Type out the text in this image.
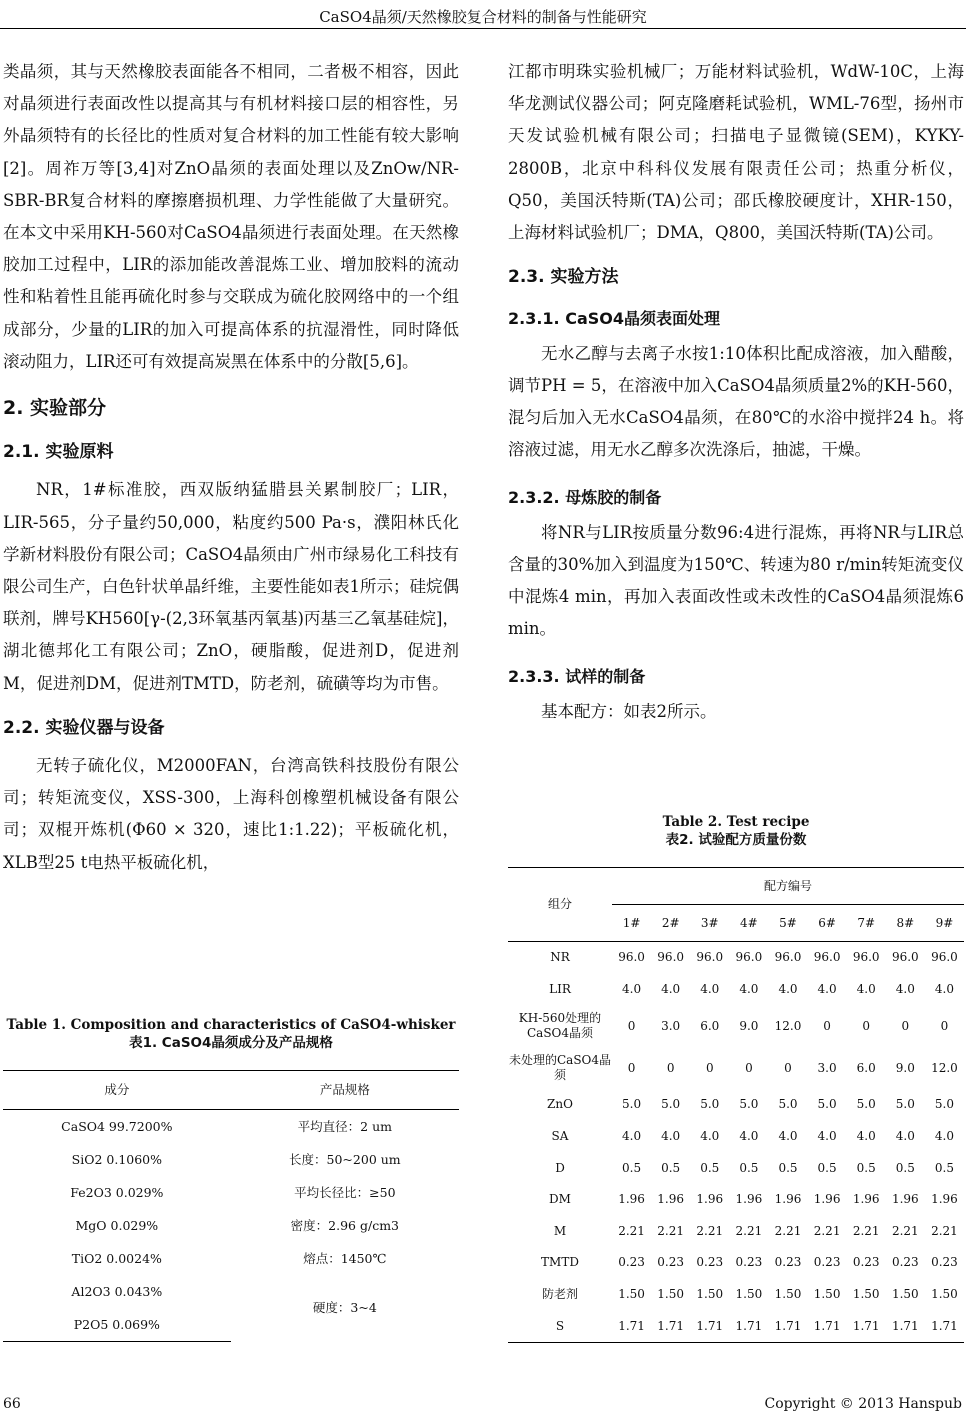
CaSO4晶须/天然橡胶复合材料的制备与性能研究

类晶须，其与天然橡胶表面能各不相同，二者极不相容，因此对晶须进行表面改性以提高其与有机材料接口层的相容性，另外晶须特有的长径比的性质对复合材料的加工性能有较大影响[2]。周祚万等[3,4]对ZnO晶须的表面处理以及ZnOw/NR-SBR-BR复合材料的摩擦磨损机理、力学性能做了大量研究。在本文中采用KH-560对CaSO4晶须进行表面处理。在天然橡胶加工过程中，LIR的添加能改善混炼工业、增加胶料的流动性和粘着性且能再硫化时参与交联成为硫化胶网络中的一个组成部分，少量的LIR的加入可提高体系的抗湿滑性，同时降低滚动阻力，LIR还可有效提高炭黑在体系中的分散[5,6]。

2. 实验部分
2.1. 实验原料

NR，1#标准胶，西双版纳猛腊县关累制胶厂；LIR，LIR-565，分子量约50,000，粘度约500 Pa·s，濮阳林氏化学新材料股份有限公司；CaSO4晶须由广州市绿易化工科技有限公司生产，白色针状单晶纤维，主要性能如表1所示；硅烷偶联剂，牌号KH560[γ-(2,3环氧基丙氧基)丙基三乙氧基硅烷]，湖北德邦化工有限公司；ZnO，硬脂酸，促进剂D，促进剂M，促进剂DM，促进剂TMTD，防老剂，硫磺等均为市售。

2.2. 实验仪器与设备

无转子硫化仪，M2000FAN，台湾高铁科技股份有限公司；转矩流变仪，XSS-300，上海科创橡塑机械设备有限公司；双棍开炼机(Φ60 × 320，速比1:1.22)；平板硫化机，XLB型25 t电热平板硫化机，

Table 1. Composition and characteristics of CaSO4-whisker

表1. CaSO4晶须成分及产品规格

成分	产品规格
CaSO4 99.7200%	平均直径：2 um
SiO2 0.1060%	长度：50~200 um
Fe2O3 0.029%	平均长径比：≥50
MgO 0.029%	密度：2.96 g/cm3
TiO2 0.0024%	熔点：1450℃
Al2O3 0.043%	硬度：3~4
P2O5 0.069%	

江都市明珠实验机械厂；万能材料试验机，WdW-10C，上海华龙测试仪器公司；阿克隆磨耗试验机，WML-76型，扬州市天发试验机械有限公司；扫描电子显微镜(SEM)，KYKY-2800B，北京中科科仪发展有限责任公司；热重分析仪，Q50，美国沃特斯(TA)公司；邵氏橡胶硬度计，XHR-150，上海材料试验机厂；DMA，Q800，美国沃特斯(TA)公司。

2.3. 实验方法
2.3.1. CaSO4晶须表面处理

无水乙醇与去离子水按1:10体积比配成溶液，加入醋酸，调节PH = 5，在溶液中加入CaSO4晶须质量2%的KH-560，混匀后加入无水CaSO4晶须，在80℃的水浴中搅拌24 h。将溶液过滤，用无水乙醇多次洗涤后，抽滤，干燥。

2.3.2. 母炼胶的制备

将NR与LIR按质量分数96:4进行混炼，再将NR与LIR总含量的30%加入到温度为150℃、转速为80 r/min转矩流变仪中混炼4 min，再加入表面改性或未改性的CaSO4晶须混炼6 min。

2.3.3. 试样的制备

基本配方：如表2所示。

Table 2. Test recipe

表2. 试验配方质量份数

组分	配方编号								
	1#	2#	3#	4#	5#	6#	7#	8#	9#
NR	96.0	96.0	96.0	96.0	96.0	96.0	96.0	96.0	96.0
LIR	4.0	4.0	4.0	4.0	4.0	4.0	4.0	4.0	4.0
KH-560处理的CaSO4晶须	0	3.0	6.0	9.0	12.0	0	0	0	0
未处理的CaSO4晶须	0	0	0	0	0	3.0	6.0	9.0	12.0
ZnO	5.0	5.0	5.0	5.0	5.0	5.0	5.0	5.0	5.0
SA	4.0	4.0	4.0	4.0	4.0	4.0	4.0	4.0	4.0
D	0.5	0.5	0.5	0.5	0.5	0.5	0.5	0.5	0.5
DM	1.96	1.96	1.96	1.96	1.96	1.96	1.96	1.96	1.96
M	2.21	2.21	2.21	2.21	2.21	2.21	2.21	2.21	2.21
TMTD	0.23	0.23	0.23	0.23	0.23	0.23	0.23	0.23	0.23
防老剂	1.50	1.50	1.50	1.50	1.50	1.50	1.50	1.50	1.50
S	1.71	1.71	1.71	1.71	1.71	1.71	1.71	1.71	1.71
66	Copyright © 2013 Hanspub
